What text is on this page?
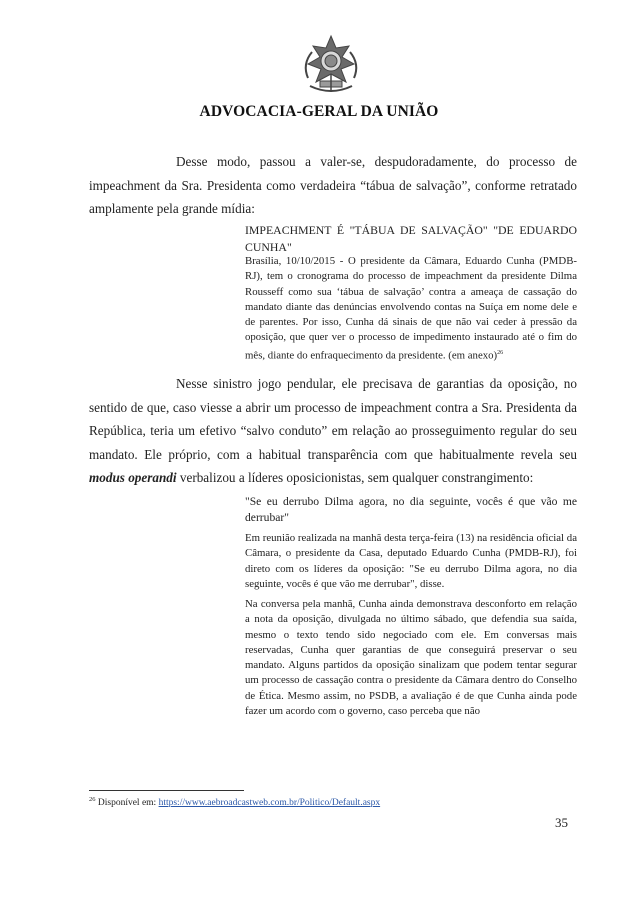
ADVOCACIA-GERAL DA UNIÃO

Desse modo, passou a valer-se, despudoradamente, do processo de impeachment da Sra. Presidenta como verdadeira “tábua de salvação”, conforme retratado amplamente pela grande mídia:

IMPEACHMENT É "TÁBUA DE SALVAÇÃO" "DE EDUARDO CUNHA"

Brasília, 10/10/2015 - O presidente da Câmara, Eduardo Cunha (PMDB-RJ), tem o cronograma do processo de impeachment da presidente Dilma Rousseff como sua ‘tábua de salvação’ contra a ameaça de cassação do mandato diante das denúncias envolvendo contas na Suíça em nome dele e de parentes. Por isso, Cunha dá sinais de que não vai ceder à pressão da oposição, que quer ver o processo de impedimento instaurado até o fim do mês, diante do enfraquecimento da presidente. (em anexo)$^{26}$

Nesse sinistro jogo pendular, ele precisava de garantias da oposição, no sentido de que, caso viesse a abrir um processo de impeachment contra a Sra. Presidenta da República, teria um efetivo “salvo conduto” em relação ao prosseguimento regular do seu mandato. Ele próprio, com a habitual transparência com que habitualmente revela seu modus operandi verbalizou a líderes oposicionistas, sem qualquer constrangimento:

"Se eu derrubo Dilma agora, no dia seguinte, vocês é que vão me derrubar"

Em reunião realizada na manhã desta terça-feira (13) na residência oficial da Câmara, o presidente da Casa, deputado Eduardo Cunha (PMDB-RJ), foi direto com os líderes da oposição: "Se eu derrubo Dilma agora, no dia seguinte, vocês é que vão me derrubar", disse.

Na conversa pela manhã, Cunha ainda demonstrava desconforto em relação a nota da oposição, divulgada no último sábado, que defendia sua saída, mesmo o texto tendo sido negociado com ele. Em conversas mais reservadas, Cunha quer garantias de que conseguirá preservar o seu mandato. Alguns partidos da oposição sinalizam que podem tentar segurar um processo de cassação contra o presidente da Câmara dentro do Conselho de Ética. Mesmo assim, no PSDB, a avaliação é de que Cunha ainda pode fazer um acordo com o governo, caso perceba que não

$^{26}$ Disponível em: https://www.aebroadcastweb.com.br/Politico/Default.aspx
35
